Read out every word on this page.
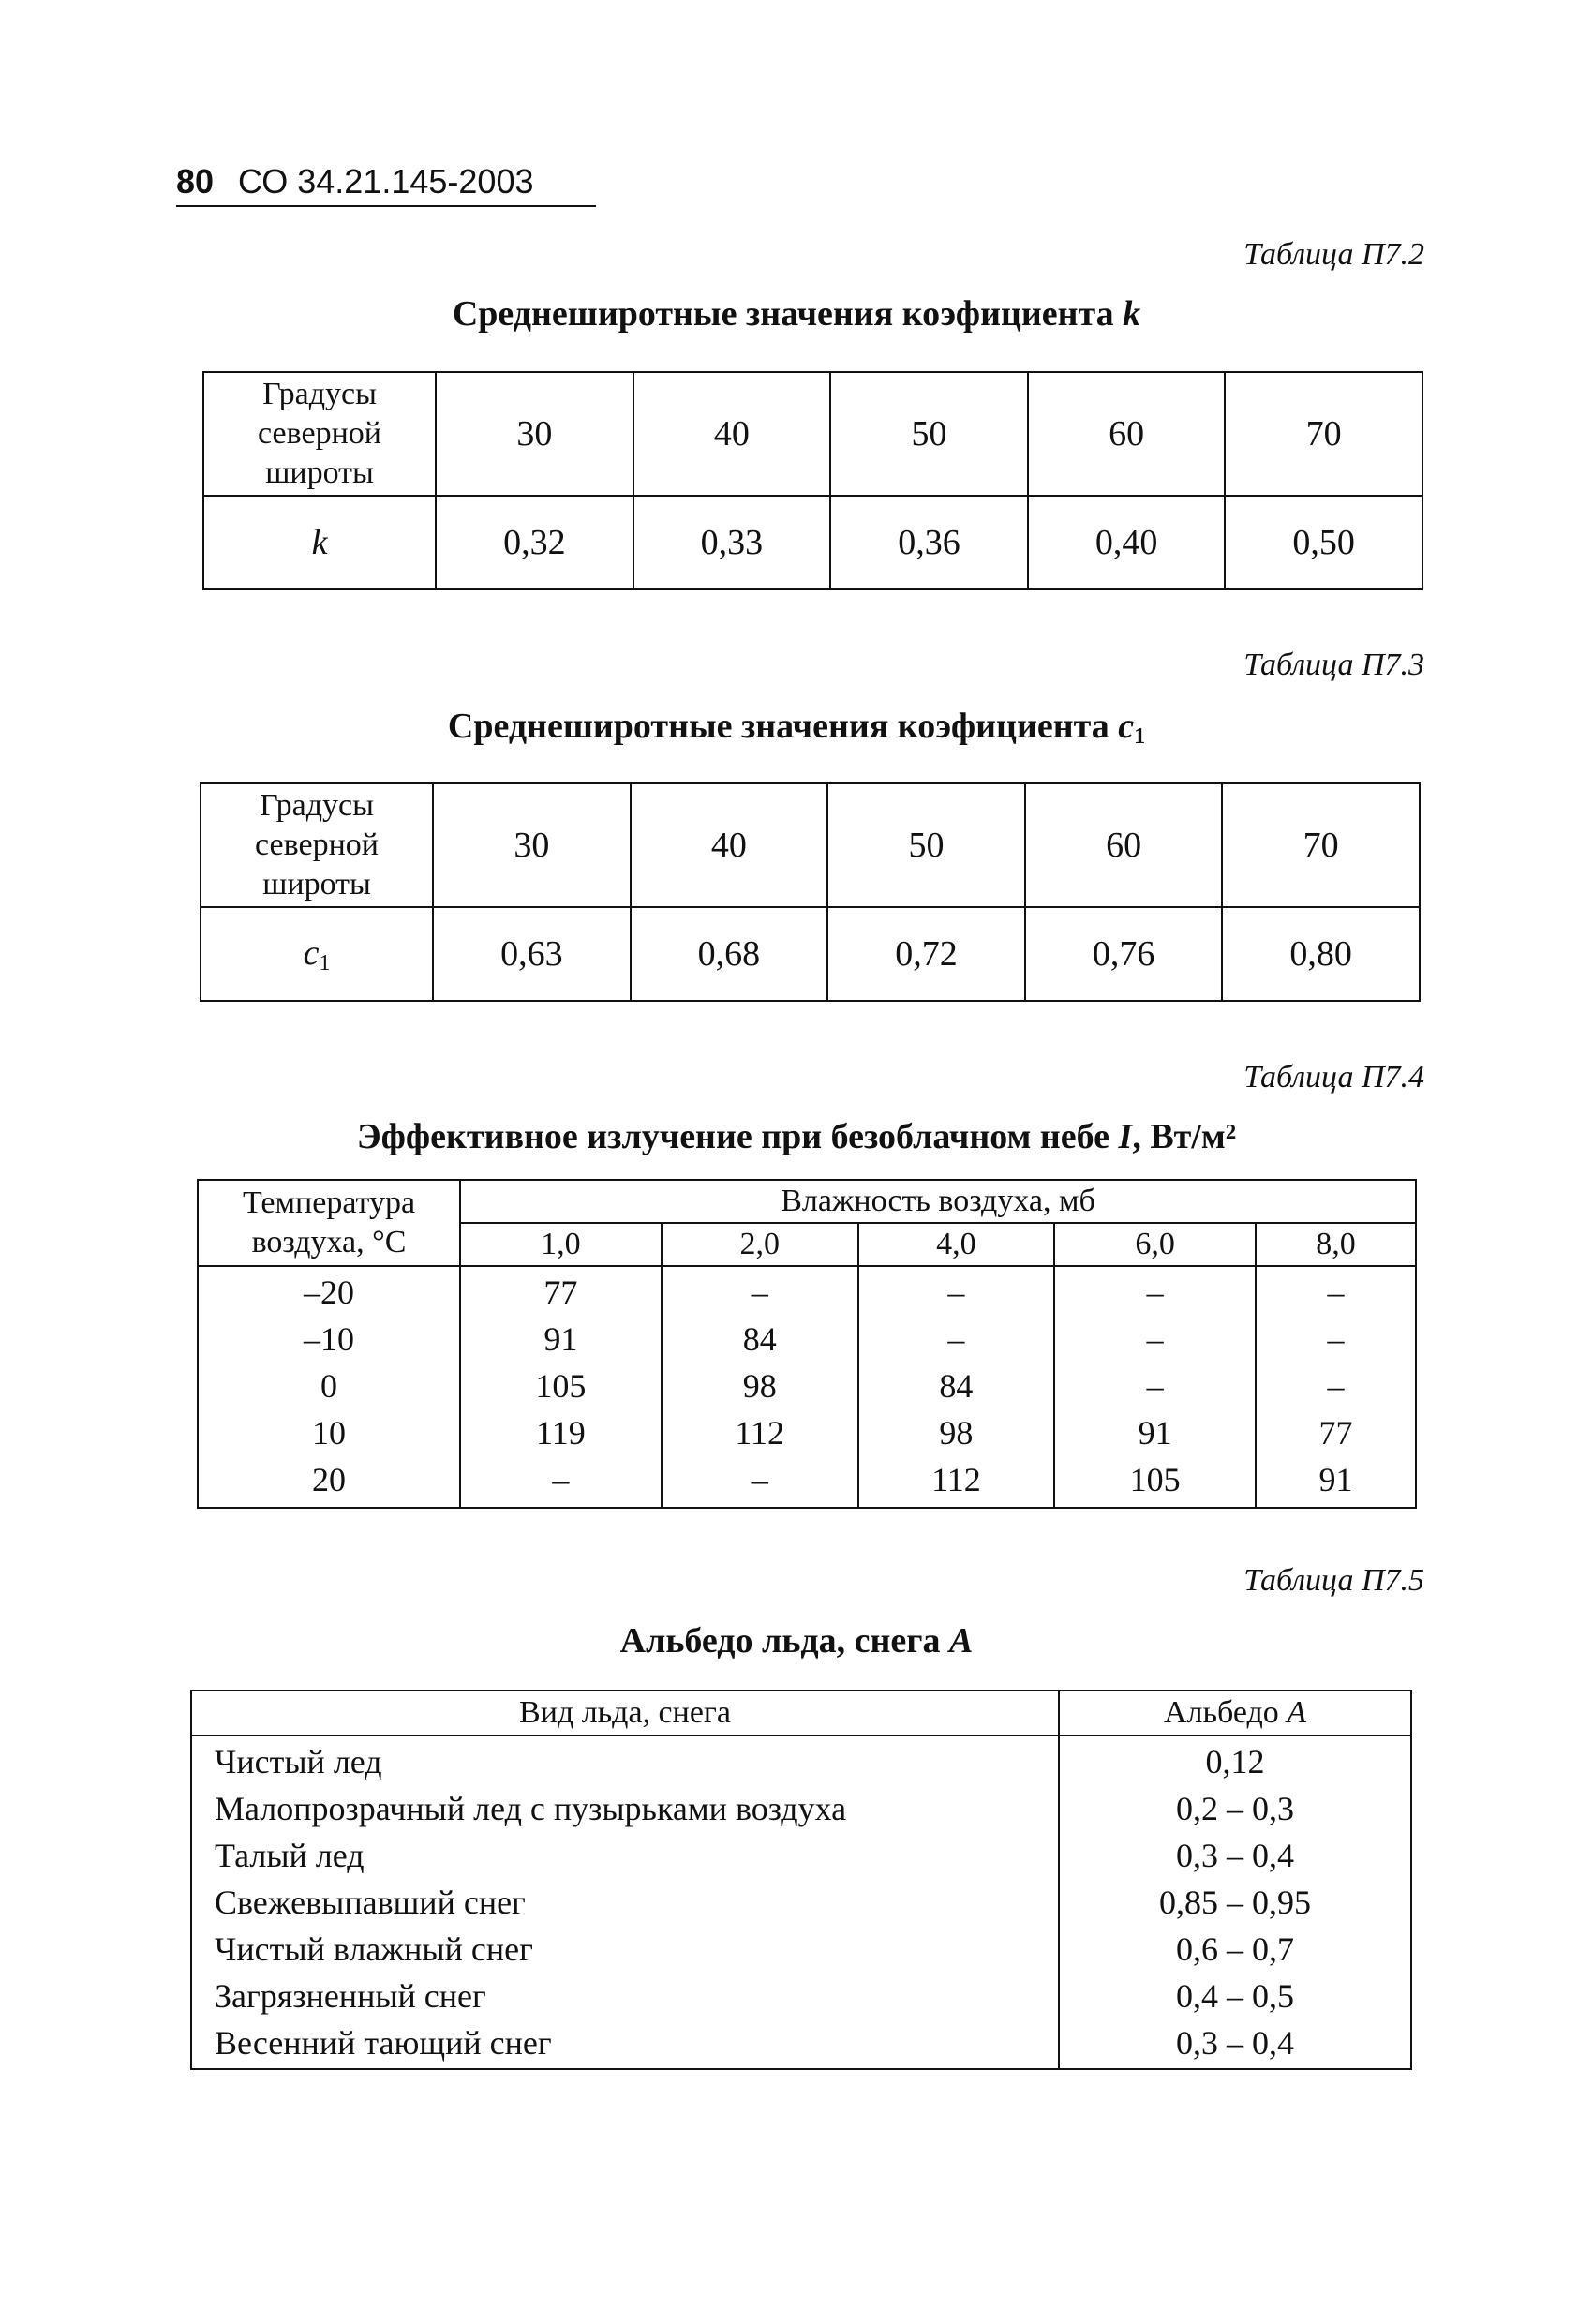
80 СО 34.21.145-2003
Таблица П7.2
Среднеширотные значения коэфициента k
Градусы северной широты	30	40	50	60	70
k	0,32	0,33	0,36	0,40	0,50
Таблица П7.3
Среднеширотные значения коэфициента c1
Градусы северной широты	30	40	50	60	70
c1	0,63	0,68	0,72	0,76	0,80
Таблица П7.4
Эффективное излучение при безоблачном небе I, Вт/м²
Температура воздуха, °С	Влажность воздуха, мб				
	1,0	2,0	4,0	6,0	8,0
–20	77	–	–	–	–
–10	91	84	–	–	–
0	105	98	84	–	–
10	119	112	98	91	77
20	–	–	112	105	91
Таблица П7.5
Альбедо льда, снега A
Вид льда, снега	Альбедо A
Чистый лед	0,12
Малопрозрачный лед с пузырьками воздуха	0,2 – 0,3
Талый лед	0,3 – 0,4
Свежевыпавший снег	0,85 – 0,95
Чистый влажный снег	0,6 – 0,7
Загрязненный снег	0,4 – 0,5
Весенний тающий снег	0,3 – 0,4
